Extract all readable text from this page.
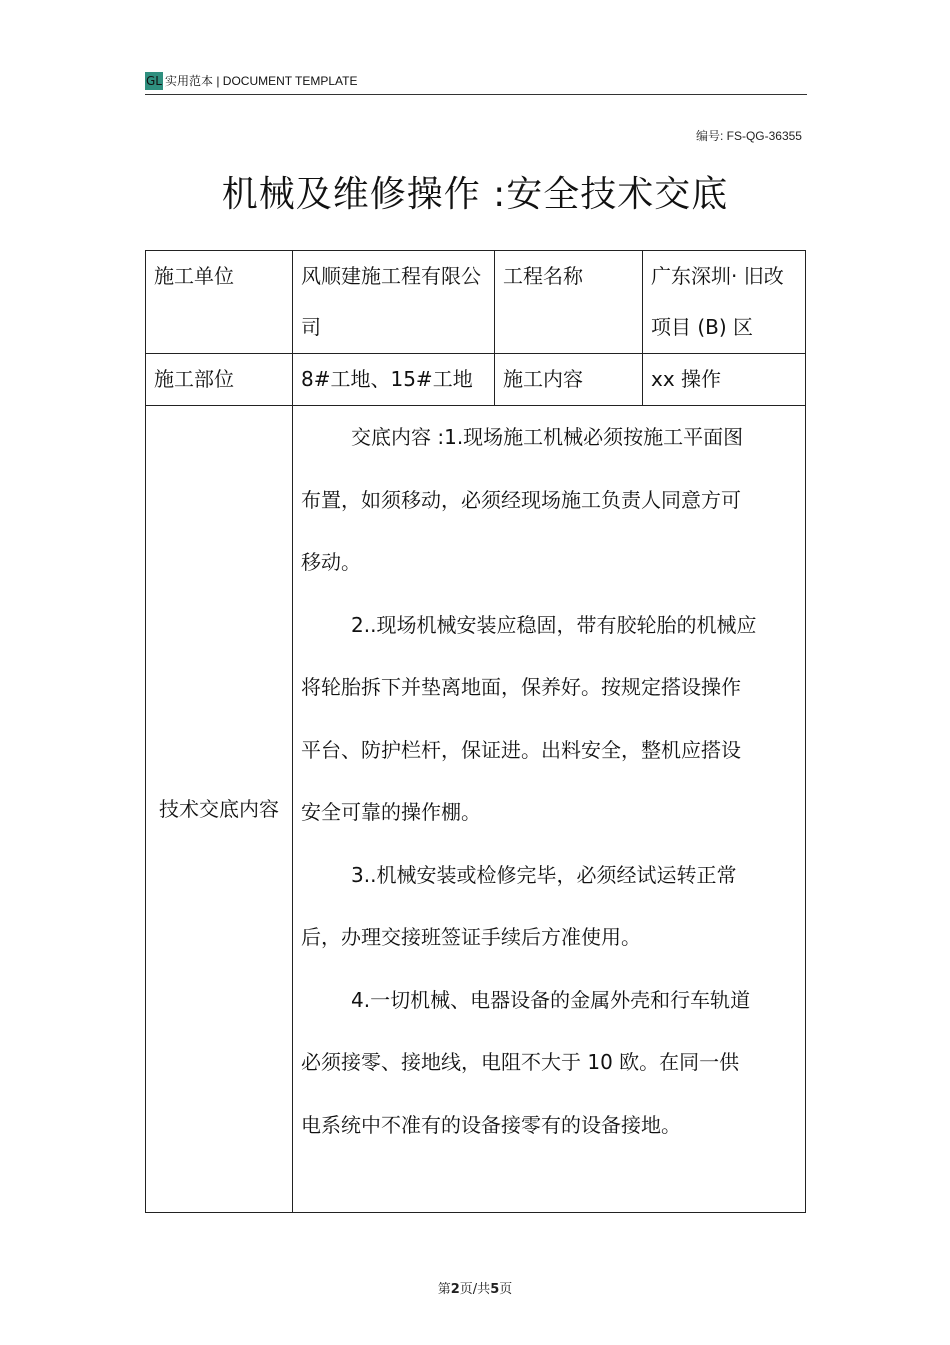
GL 实用范本 | DOCUMENT TEMPLATE
编号: FS-QG-36355
机械及维修操作 :安全技术交底
施工单位	风顺建施工程有限公司	工程名称	广东深圳· 旧改项目 (B) 区
施工部位	8#工地、15#工地	施工内容	xx 操作
技术交底内容	交底内容 :1.现场施工机械必须按施工平面图布置，如须移动，必须经现场施工负责人同意方可移动。

2..现场机械安装应稳固，带有胶轮胎的机械应将轮胎拆下并垫离地面，保养好。按规定搭设操作平台、防护栏杆，保证进。出料安全，整机应搭设安全可靠的操作棚。

3..机械安装或检修完毕，必须经试运转正常后，办理交接班签证手续后方准使用。

4.一切机械、电器设备的金属外壳和行车轨道必须接零、接地线，电阻不大于 10 欧。在同一供电系统中不准有的设备接零有的设备接地。		

第2页/共5页
